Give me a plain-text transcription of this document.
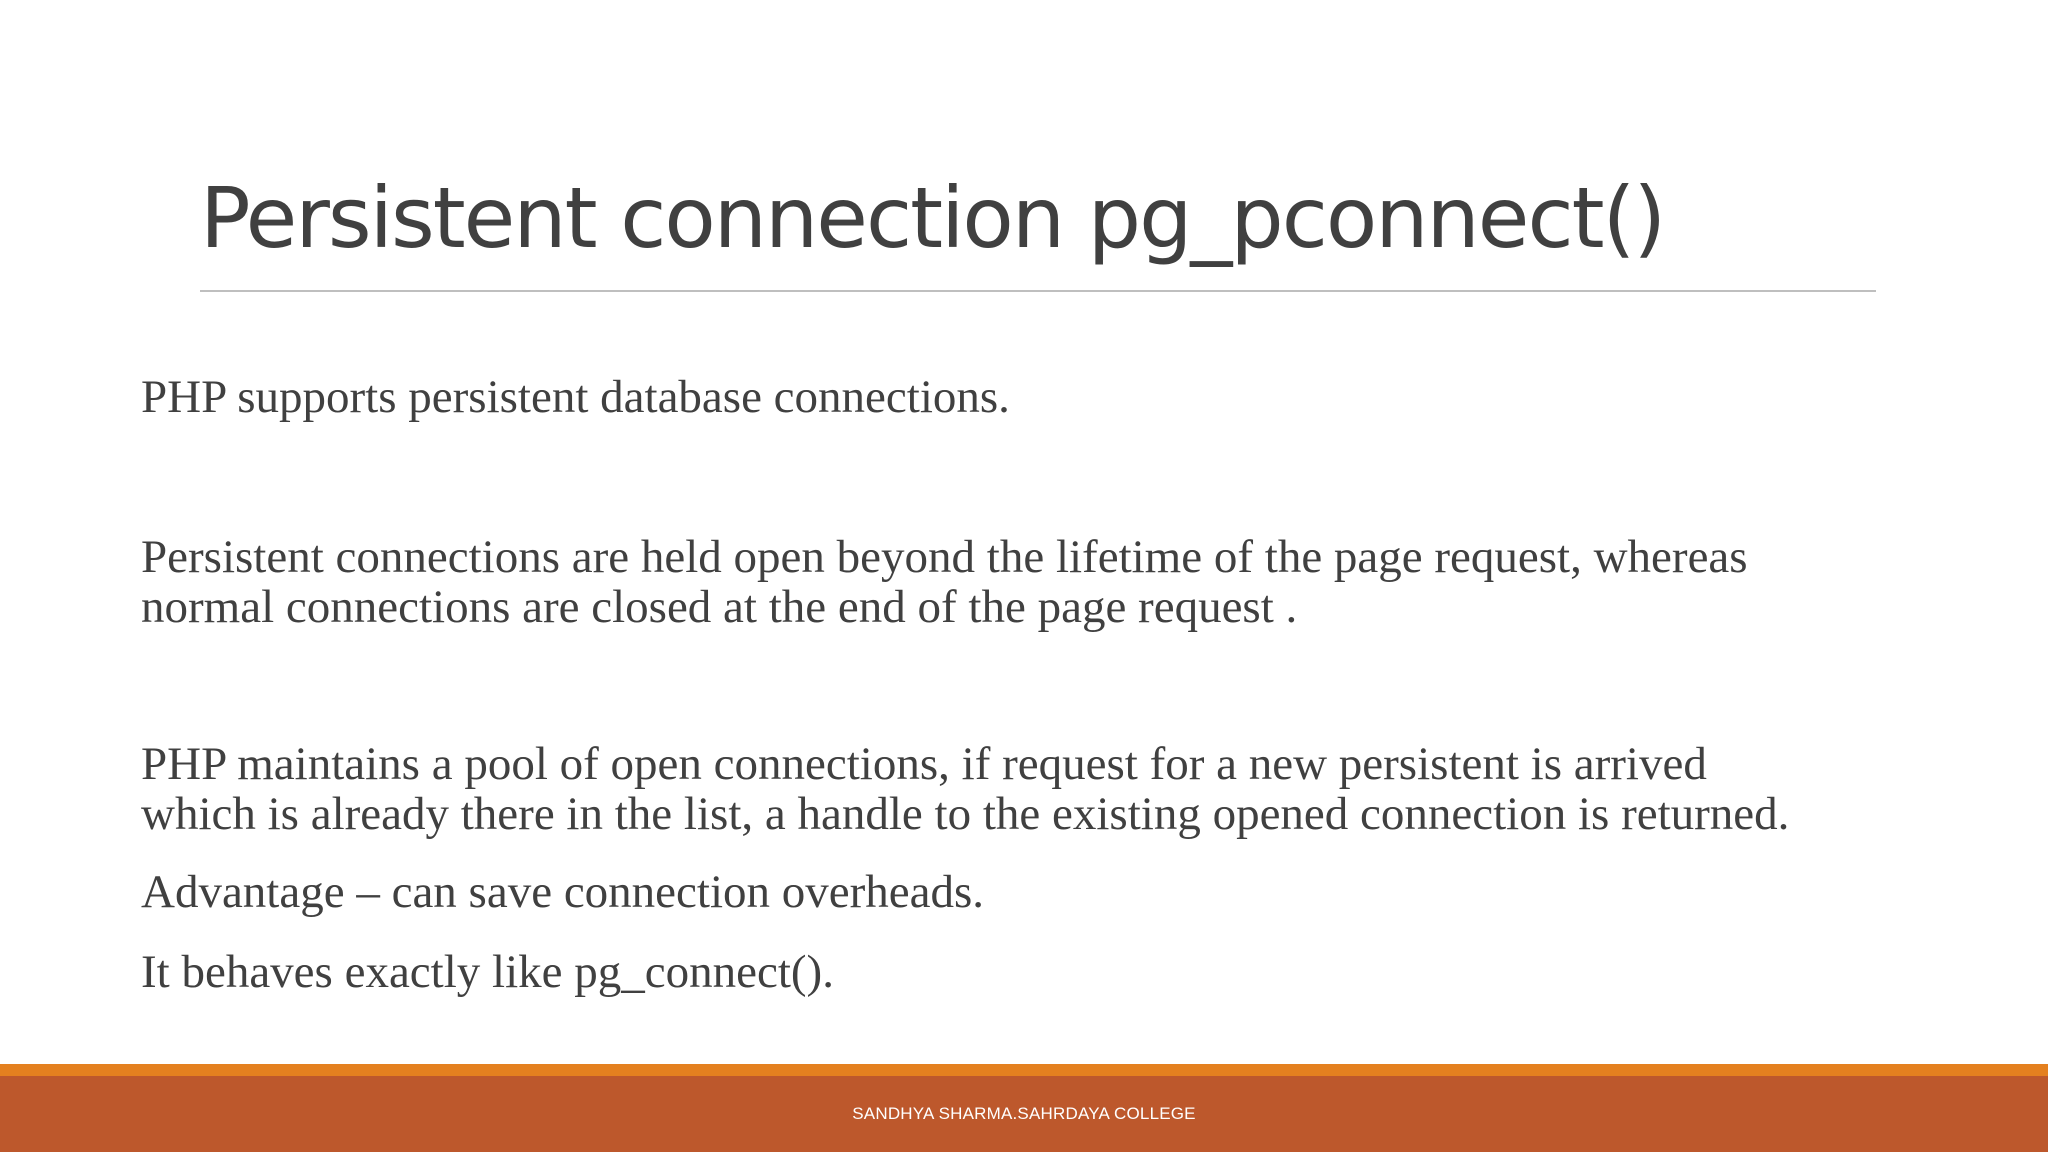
Persistent connection pg_pconnect()
PHP supports persistent database connections.
Persistent connections are held open beyond the lifetime of the page request, whereas
normal connections are closed at the end of the page request .
PHP maintains a pool of open connections, if request for a new persistent is arrived
which is already there in the list, a handle to the existing opened connection is returned.
Advantage – can save connection overheads.
It behaves exactly like pg_connect().
SANDHYA SHARMA.SAHRDAYA COLLEGE
